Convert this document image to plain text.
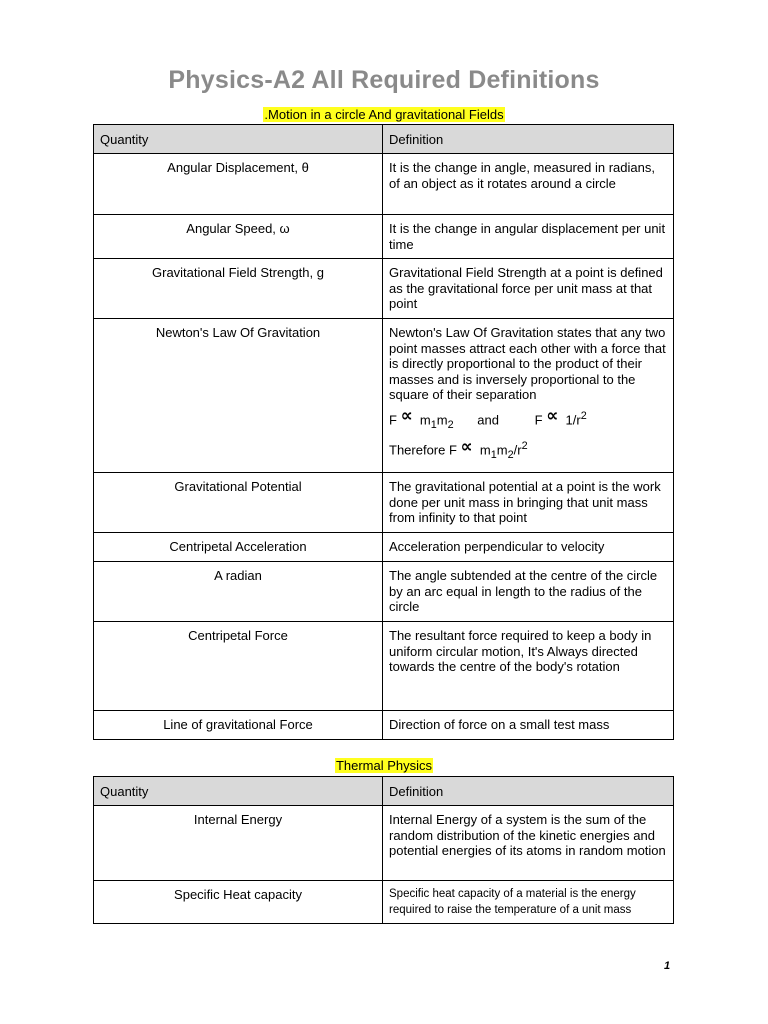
Physics-A2 All Required Definitions
.Motion in a circle And gravitational Fields
Quantity	Definition
Angular Displacement, θ	It is the change in angle, measured in radians, of an object as it rotates around a circle
Angular Speed, ω	It is the change in angular displacement per unit time
Gravitational Field Strength, g	Gravitational Field Strength at a point is defined as the gravitational force per unit mass at that point
Newton's Law Of Gravitation	Newton's Law Of Gravitation states that any two point masses attract each other with a force that is directly proportional to the product of their masses and is inversely proportional to the square of their separation
$F \propto m_1m_2$ and $F \propto 1/r^2$
Therefore $F \propto m_1m_2/r^2$

Gravitational Potential	The gravitational potential at a point is the work done per unit mass in bringing that unit mass from infinity to that point
Centripetal Acceleration	Acceleration perpendicular to velocity
A radian	The angle subtended at the centre of the circle by an arc equal in length to the radius of the circle
Centripetal Force	The resultant force required to keep a body in uniform circular motion, It's Always directed towards the centre of the body's rotation
Line of gravitational Force	Direction of force on a small test mass
Thermal Physics
Quantity	Definition
Internal Energy	Internal Energy of a system is the sum of the random distribution of the kinetic energies and potential energies of its atoms in random motion
Specific Heat capacity	Specific heat capacity of a material is the energy required to raise the temperature of a unit mass
1
